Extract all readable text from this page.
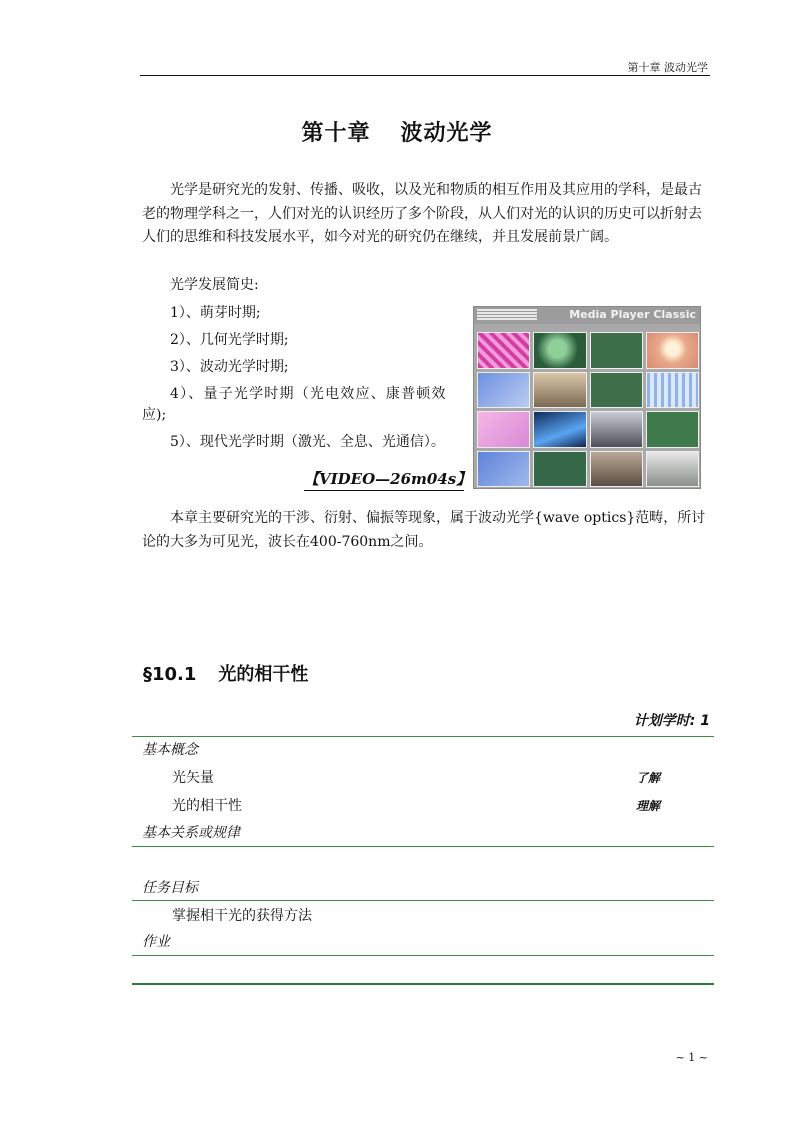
第十章 波动光学
第十章 波动光学
光学是研究光的发射、传播、吸收，以及光和物质的相互作用及其应用的学科，是最古老的物理学科之一，人们对光的认识经历了多个阶段，从人们对光的认识的历史可以折射去人们的思维和科技发展水平，如今对光的研究仍在继续，并且发展前景广阔。
光学发展简史:
1）、萌芽时期;
2）、几何光学时期;
3）、波动光学时期;
4）、量子光学时期（光电效应、康普顿效
应);
5）、现代光学时期（激光、全息、光通信）。
【VIDEO—26m04s】
Media Player Classic
本章主要研究光的干涉、衍射、偏振等现象，属于波动光学{wave optics}范畴，所讨论的大多为可见光，波长在400-760nm之间。
§10.1 光的相干性
计划学时: 1
基本概念
光矢量	了解
光的相干性	理解
基本关系或规律
任务目标
掌握相干光的获得方法
作业
~ 1 ~
